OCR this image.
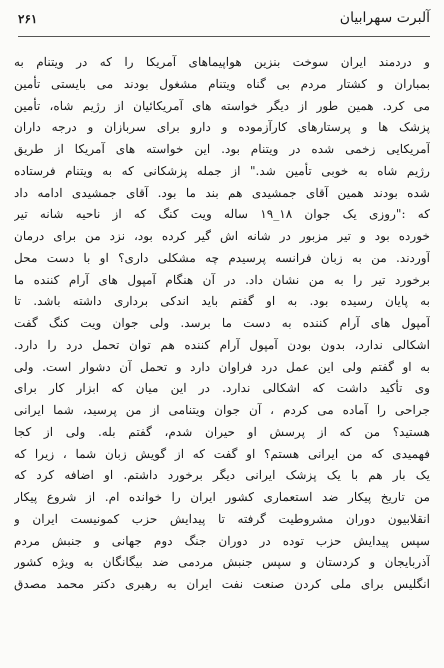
آلبرت سهرابیان
۲۶۱
و دردمند ایران سوخت بنزین هواپیماهای آمریکا را که در ویتنام به
بمباران و کشتار مردم بی گناه ویتنام مشغول بودند می بایستی تأمین
می کرد. همین طور از دیگر خواسته های آمریکائیان از رژیم شاه، تأمین
پزشک ها و پرستارهای کارآزموده و دارو برای سربازان و درجه داران
آمریکایی زخمی شده در ویتنام بود. این خواسته های آمریکا از طریق
رژیم شاه به خوبی تأمین شد." از جمله پزشکانی که به ویتنام فرستاده
شده بودند همین آقای جمشیدی هم بند ما بود. آقای جمشیدی ادامه داد
که :"روزی یک جوان ۱۸_۱۹ ساله ویت کنگ که از ناحیه شانه تیر
خورده بود و تیر مزبور در شانه اش گیر کرده بود، نزد من برای درمان
آوردند. من به زبان فرانسه پرسیدم چه مشکلی داری؟ او با دست محل
برخورد تیر را به من نشان داد. در آن هنگام آمپول های آرام کننده ما
به پایان رسیده بود. به او گفتم باید اندکی برداری داشته باشد. تا
آمپول های آرام کننده به دست ما برسد. ولی جوان ویت کنگ گفت
اشکالی ندارد، بدون بودن آمپول آرام کننده هم توان تحمل درد را دارد.
به او گفتم ولی این عمل درد فراوان دارد و تحمل آن دشوار است. ولی
وی تأکید داشت که اشکالی ندارد. در این میان که ابزار کار برای
جراحی را آماده می کردم ، آن جوان ویتنامی از من پرسید، شما ایرانی
هستید؟ من که از پرسش او حیران شدم، گفتم بله. ولی از کجا
فهمیدی که من ایرانی هستم؟ او گفت که از گویش زبان شما ، زیرا که
یک بار هم با یک پزشک ایرانی دیگر برخورد داشتم. او اضافه کرد که
من تاریخ پیکار ضد استعماری کشور ایران را خوانده ام. از شروع پیکار
انقلابیون دوران مشروطیت گرفته تا پیدایش حزب کمونیست ایران و
سپس پیدایش حزب توده در دوران جنگ دوم جهانی و جنبش مردم
آذربایجان و کردستان و سپس جنبش مردمی ضد بیگانگان به ویژه کشور
انگلیس برای ملی کردن صنعت نفت ایران به رهبری دکتر محمد مصدق
